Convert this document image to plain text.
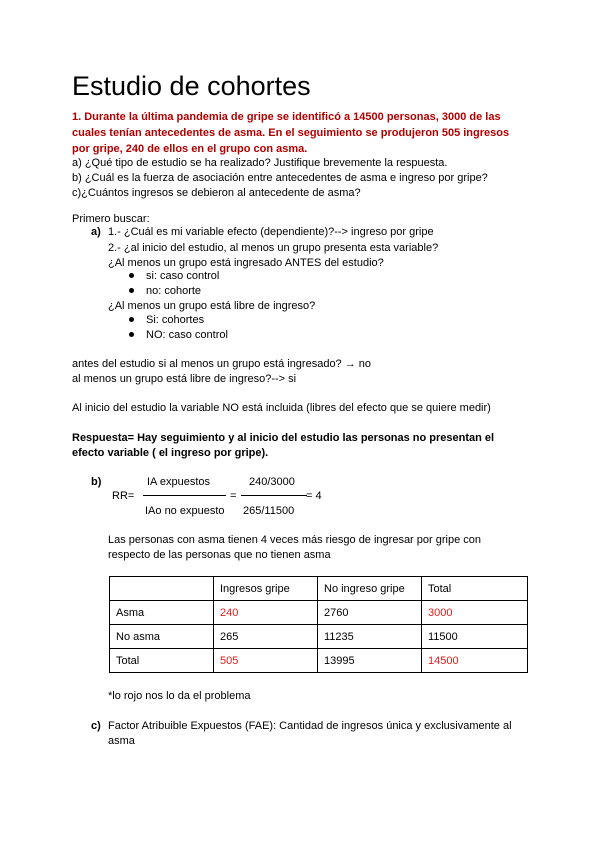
Estudio de cohortes
1. Durante la última pandemia de gripe se identificó a 14500 personas, 3000 de las
cuales tenían antecedentes de asma. En el seguimiento se produjeron 505 ingresos
por gripe, 240 de ellos en el grupo con asma.
a) ¿Qué tipo de estudio se ha realizado? Justifique brevemente la respuesta.
b) ¿Cuál es la fuerza de asociación entre antecedentes de asma e ingreso por gripe?
c)¿Cuántos ingresos se debieron al antecedente de asma?
Primero buscar:
a) 1.- ¿Cuál es mi variable efecto (dependiente)?--> ingreso por gripe
2.- ¿al inicio del estudio, al menos un grupo presenta esta variable?
¿Al menos un grupo está ingresado ANTES del estudio?
si: caso control
no: cohorte
¿Al menos un grupo está libre de ingreso?
Si: cohortes
NO: caso control
antes del estudio si al menos un grupo está ingresado? → no
al menos un grupo está libre de ingreso?--> si
Al inicio del estudio la variable NO está incluida (libres del efecto que se quiere medir)
Respuesta= Hay seguimiento y al inicio del estudio las personas no presentan el
efecto variable ( el ingreso por gripe).
b)	IA expuestos	240/3000
RR=	=	= 4
IAo no expuesto 265/11500
Las personas con asma tienen 4 veces más riesgo de ingresar por gripe con
respecto de las personas que no tienen asma
	Ingresos gripe	No ingreso gripe	Total
Asma	240	2760	3000
No asma	265	11235	11500
Total	505	13995	14500
*lo rojo nos lo da el problema
c) Factor Atribuible Expuestos (FAE): Cantidad de ingresos única y exclusivamente al
asma
